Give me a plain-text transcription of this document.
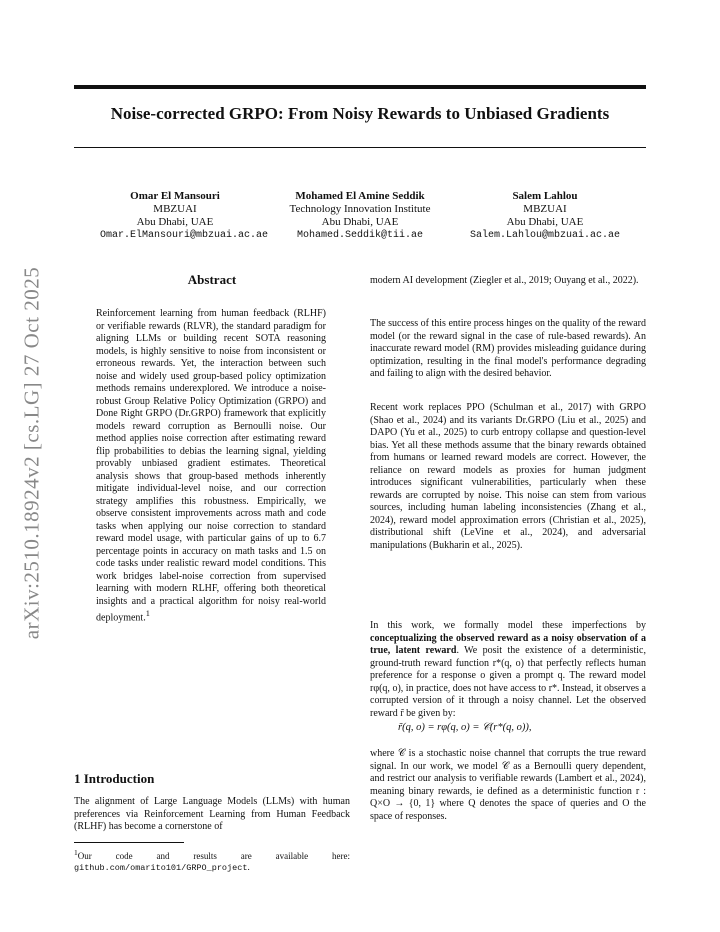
Noise-corrected GRPO: From Noisy Rewards to Unbiased Gradients
Omar El Mansouri
MBZUAI
Abu Dhabi, UAE
Omar.ElMansouri@mbzuai.ac.ae
Mohamed El Amine Seddik
Technology Innovation Institute
Abu Dhabi, UAE
Mohamed.Seddik@tii.ae
Salem Lahlou
MBZUAI
Abu Dhabi, UAE
Salem.Lahlou@mbzuai.ac.ae
arXiv:2510.18924v2 [cs.LG] 27 Oct 2025	Abstract

Reinforcement learning from human feedback (RLHF) or verifiable rewards (RLVR), the standard paradigm for aligning LLMs or building recent SOTA reasoning models, is highly sensitive to noise from inconsistent or erroneous rewards. Yet, the interaction between such noise and widely used group-based policy optimization methods remains underexplored. We introduce a noise-robust Group Relative Policy Optimization (GRPO) and Done Right GRPO (Dr.GRPO) framework that explicitly models reward corruption as Bernoulli noise. Our method applies noise correction after estimating reward flip probabilities to debias the learning signal, yielding provably unbiased gradient estimates. Theoretical analysis shows that group-based methods inherently mitigate individual-level noise, and our correction strategy amplifies this robustness. Empirically, we observe consistent improvements across math and code tasks when applying our noise correction to standard reward model usage, with particular gains of up to 6.7 percentage points in accuracy on math tasks and 1.5 on code tasks under realistic reward model conditions. This work bridges label-noise correction from supervised learning with modern RLHF, offering both theoretical insights and a practical algorithm for noisy real-world deployment.$^1$

1 Introduction

The alignment of Large Language Models (LLMs) with human preferences via Reinforcement Learning from Human Feedback (RLHF) has become a cornerstone of

$^1$Our code and results are available here: github.com/omarito101/GRPO_project.

modern AI development (Ziegler et al., 2019; Ouyang et al., 2022).

The success of this entire process hinges on the quality of the reward model (or the reward signal in the case of rule-based rewards). An inaccurate reward model (RM) provides misleading guidance during optimization, resulting in the final model's performance degrading and failing to align with the desired behavior.

Recent work replaces PPO (Schulman et al., 2017) with GRPO (Shao et al., 2024) and its variants Dr.GRPO (Liu et al., 2025) and DAPO (Yu et al., 2025) to curb entropy collapse and question-level bias. Yet all these methods assume that the binary rewards obtained from humans or learned reward models are correct. However, the reliance on reward models as proxies for human judgment introduces significant vulnerabilities, particularly when these rewards are corrupted by noise. This noise can stem from various sources, including human labeling inconsistencies (Zhang et al., 2024), reward model approximation errors (Christian et al., 2025), distributional shift (LeVine et al., 2024), and adversarial manipulations (Bukharin et al., 2025).

In this work, we formally model these imperfections by conceptualizing the observed reward as a noisy observation of a true, latent reward. We posit the existence of a deterministic, ground-truth reward function r*(q, o) that perfectly reflects human preference for a response o given a prompt q. The reward model rφ(q, o), in practice, does not have access to r*. Instead, it observes a corrupted version of it through a noisy channel. Let the observed reward r̃ be given by:

r̃(q, o) = rφ(q, o) = 𝒞(r*(q, o)),

where 𝒞 is a stochastic noise channel that corrupts the true reward signal. In our work, we model 𝒞 as a Bernoulli query dependent, and restrict our analysis to verifiable rewards (Lambert et al., 2024), meaning binary rewards, ie defined as a deterministic function r : Q×O → {0, 1} where Q denotes the space of queries and O the space of responses.
